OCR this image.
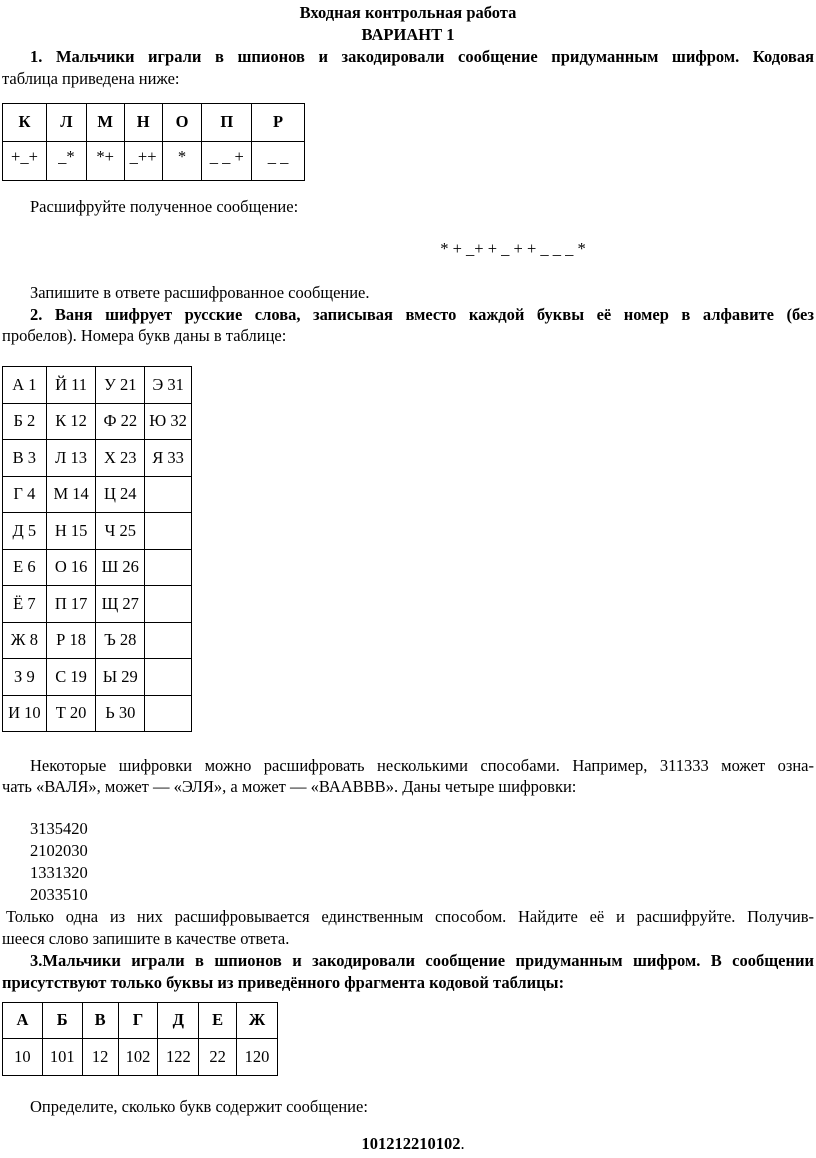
Входная контрольная работа
ВАРИАНТ 1
1. Мальчики играли в шпионов и закодировали сообщение придуманным шифром. Кодовая
таблица приведена ниже:
К	Л	М	Н	О	П	Р
+_+	_*	*+	_++	*	_ _ +	_ _
Расшифруйте полученное сообщение:
* + _+ + _ + + _ _ _ *
Запишите в ответе расшифрованное сообщение.
2. Ваня шифрует русские слова, записывая вместо каждой буквы её номер в алфавите (без
пробелов). Номера букв даны в таблице:
А 1	Й 11	У 21	Э 31
Б 2	К 12	Ф 22	Ю 32
В 3	Л 13	Х 23	Я 33
Г 4	М 14	Ц 24	
Д 5	Н 15	Ч 25	
Е 6	О 16	Ш 26	
Ё 7	П 17	Щ 27	
Ж 8	Р 18	Ъ 28	
З 9	С 19	Ы 29	
И 10	Т 20	Ь 30	
Некоторые шифровки можно расшифровать несколькими способами. Например, 311333 может озна-
чать «ВАЛЯ», может — «ЭЛЯ», а может — «ВААВВВ». Даны четыре шифровки:
3135420
2102030
1331320
2033510
Только одна из них расшифровывается единственным способом. Найдите её и расшифруйте. Получив-
шееся слово запишите в качестве ответа.
3.Мальчики играли в шпионов и закодировали сообщение придуманным шифром. В сообщении
присутствуют только буквы из приведённого фрагмента кодовой таблицы:
А	Б	В	Г	Д	Е	Ж
10	101	12	102	122	22	120
Определите, сколько букв содержит сообщение:
101212210102.
